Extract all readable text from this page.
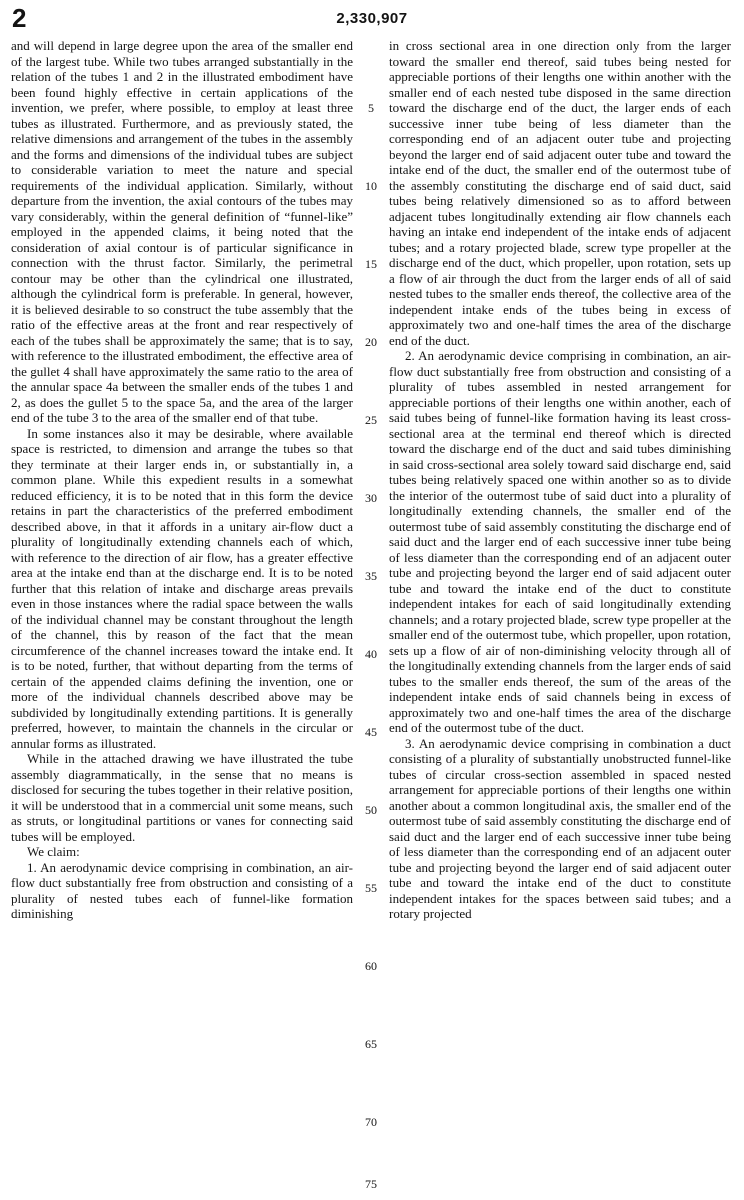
2	2,330,907

and will depend in large degree upon the area of the smaller end of the largest tube. While two tubes arranged substantially in the relation of the tubes 1 and 2 in the illustrated embodiment have been found highly effective in certain applications of the invention, we prefer, where possible, to employ at least three tubes as illustrated. Furthermore, and as previously stated, the relative dimensions and arrangement of the tubes in the assembly and the forms and dimensions of the individual tubes are subject to considerable variation to meet the nature and special requirements of the individual application. Similarly, without departure from the invention, the axial contours of the tubes may vary considerably, within the general definition of “funnel-like” employed in the appended claims, it being noted that the consideration of axial contour is of particular significance in connection with the thrust factor. Similarly, the perimetral contour may be other than the cylindrical one illustrated, although the cylindrical form is preferable. In general, however, it is believed desirable to so construct the tube assembly that the ratio of the effective areas at the front and rear respectively of each of the tubes shall be approximately the same; that is to say, with reference to the illustrated embodiment, the effective area of the gullet 4 shall have approximately the same ratio to the area of the annular space 4a between the smaller ends of the tubes 1 and 2, as does the gullet 5 to the space 5a, and the area of the larger end of the tube 3 to the area of the smaller end of that tube.

In some instances also it may be desirable, where available space is restricted, to dimension and arrange the tubes so that they terminate at their larger ends in, or substantially in, a common plane. While this expedient results in a somewhat reduced efficiency, it is to be noted that in this form the device retains in part the characteristics of the preferred embodiment described above, in that it affords in a unitary air-flow duct a plurality of longitudinally extending channels each of which, with reference to the direction of air flow, has a greater effective area at the intake end than at the discharge end. It is to be noted further that this relation of intake and discharge areas prevails even in those instances where the radial space between the walls of the individual channel may be constant throughout the length of the channel, this by reason of the fact that the mean circumference of the channel increases toward the intake end. It is to be noted, further, that without departing from the terms of certain of the appended claims defining the invention, one or more of the individual channels described above may be subdivided by longitudinally extending partitions. It is generally preferred, however, to maintain the channels in the circular or annular forms as illustrated.

While in the attached drawing we have illustrated the tube assembly diagrammatically, in the sense that no means is disclosed for securing the tubes together in their relative position, it will be understood that in a commercial unit some means, such as struts, or longitudinal partitions or vanes for connecting said tubes will be employed.

We claim:

1. An aerodynamic device comprising in combination, an air-flow duct substantially free from obstruction and consisting of a plurality of nested tubes each of funnel-like formation diminishing

5
10
15
20
25
30
35
40
45
50
55
60
65
70
75

in cross sectional area in one direction only from the larger toward the smaller end thereof, said tubes being nested for appreciable portions of their lengths one within another with the smaller end of each nested tube disposed in the same direction toward the discharge end of the duct, the larger ends of each successive inner tube being of less diameter than the corresponding end of an adjacent outer tube and projecting beyond the larger end of said adjacent outer tube and toward the intake end of the duct, the smaller end of the outermost tube of the assembly constituting the discharge end of said duct, said tubes being relatively dimensioned so as to afford between adjacent tubes longitudinally extending air flow channels each having an intake end independent of the intake ends of adjacent tubes; and a rotary projected blade, screw type propeller at the discharge end of the duct, which propeller, upon rotation, sets up a flow of air through the duct from the larger ends of all of said nested tubes to the smaller ends thereof, the collective area of the independent intake ends of the tubes being in excess of approximately two and one-half times the area of the discharge end of the duct.

2. An aerodynamic device comprising in combination, an air-flow duct substantially free from obstruction and consisting of a plurality of tubes assembled in nested arrangement for appreciable portions of their lengths one within another, each of said tubes being of funnel-like formation having its least cross-sectional area at the terminal end thereof which is directed toward the discharge end of the duct and said tubes diminishing in said cross-sectional area solely toward said discharge end, said tubes being relatively spaced one within another so as to divide the interior of the outermost tube of said duct into a plurality of longitudinally extending channels, the smaller end of the outermost tube of said assembly constituting the discharge end of said duct and the larger end of each successive inner tube being of less diameter than the corresponding end of an adjacent outer tube and projecting beyond the larger end of said adjacent outer tube and toward the intake end of the duct to constitute independent intakes for each of said longitudinally extending channels; and a rotary projected blade, screw type propeller at the smaller end of the outermost tube, which propeller, upon rotation, sets up a flow of air of non-diminishing velocity through all of the longitudinally extending channels from the larger ends of said tubes to the smaller ends thereof, the sum of the areas of the independent intake ends of said channels being in excess of approximately two and one-half times the area of the discharge end of the outermost tube of the duct.

3. An aerodynamic device comprising in combination a duct consisting of a plurality of substantially unobstructed funnel-like tubes of circular cross-section assembled in spaced nested arrangement for appreciable portions of their lengths one within another about a common longitudinal axis, the smaller end of the outermost tube of said assembly constituting the discharge end of said duct and the larger end of each successive inner tube being of less diameter than the corresponding end of an adjacent outer tube and projecting beyond the larger end of said adjacent outer tube and toward the intake end of the duct to constitute independent intakes for the spaces between said tubes; and a rotary projected
